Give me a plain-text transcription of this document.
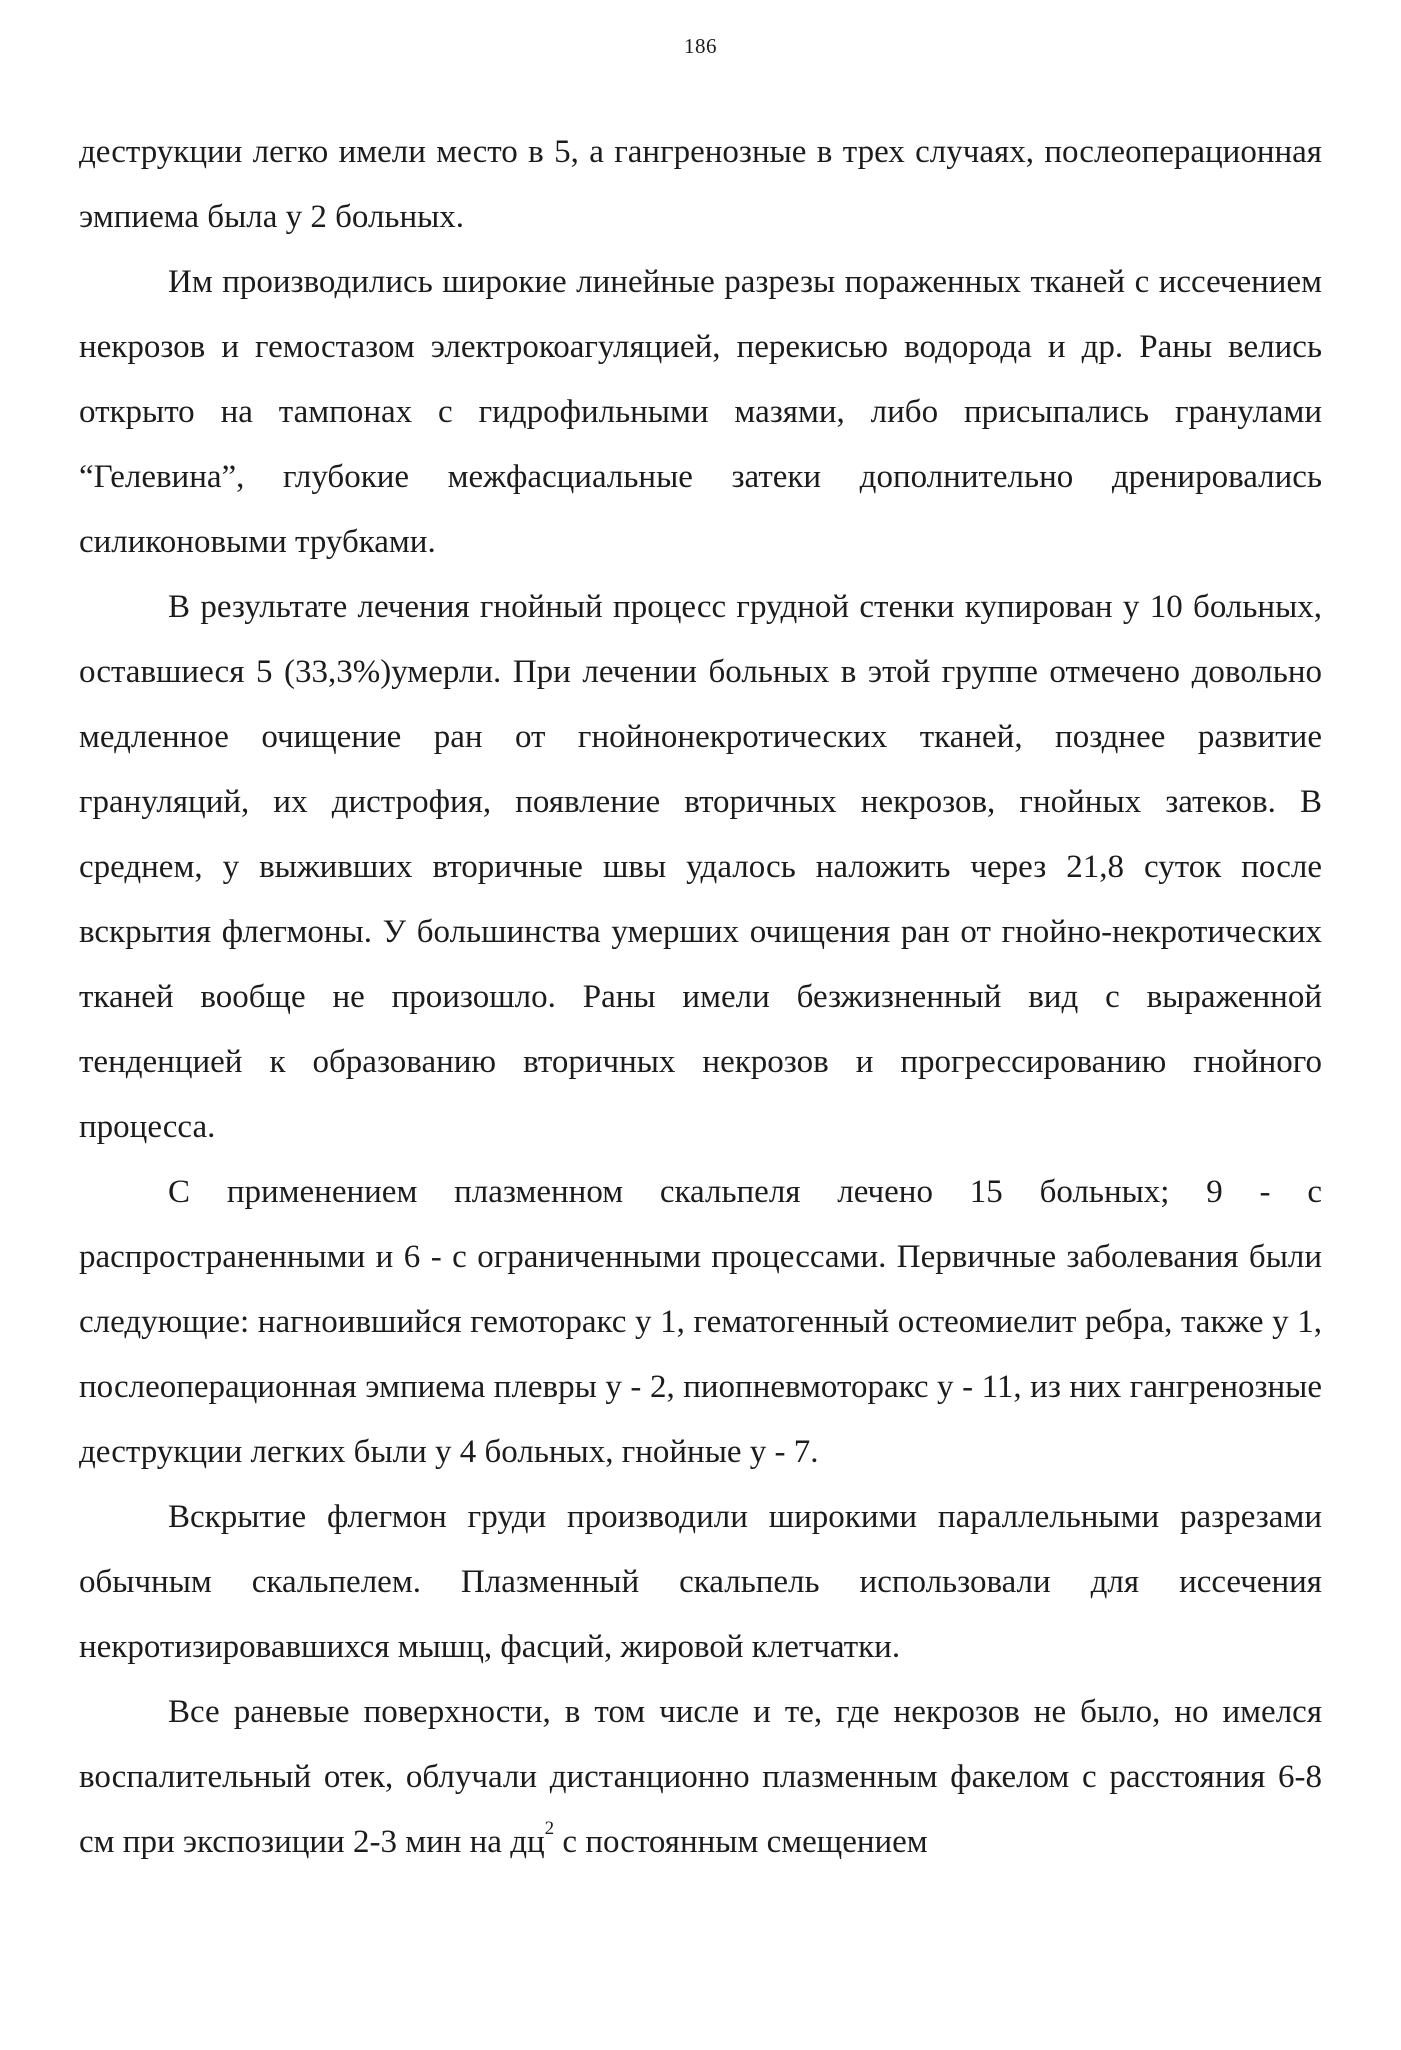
186

деструкции легко имели место в 5, а гангренозные в трех случаях, послеоперационная эмпиема была у 2 больных.

Им производились широкие линейные разрезы пораженных тканей с иссечением некрозов и гемостазом электрокоагуляцией, перекисью водорода и др. Раны велись открыто на тампонах с гидрофильными мазями, либо присыпались гранулами “Гелевина”, глубокие межфасциальные затеки дополнительно дренировались силиконовыми трубками.

В результате лечения гнойный процесс грудной стенки купирован у 10 больных, оставшиеся 5 (33,3%)умерли. При лечении больных в этой группе отмечено довольно медленное очищение ран от гнойнонекротических тканей, позднее развитие грануляций, их дистрофия, появление вторичных некрозов, гнойных затеков. В среднем, у выживших вторичные швы удалось наложить через 21,8 суток после вскрытия флегмоны. У большинства умерших очищения ран от гнойно-некротических тканей вообще не произошло. Раны имели безжизненный вид с выраженной тенденцией к образованию вторичных некрозов и прогрессированию гнойного процесса.

С применением плазменном скальпеля лечено 15 больных; 9 - с распространенными и 6 - с ограниченными процессами. Первичные заболевания были следующие: нагноившийся гемоторакс у 1, гематогенный остеомиелит ребра, также у 1, послеоперационная эмпиема плевры у - 2, пиопневмоторакс у - 11, из них гангренозные деструкции легких были у 4 больных, гнойные у - 7.

Вскрытие флегмон груди производили широкими параллельными разрезами обычным скальпелем. Плазменный скальпель использовали для иссечения некротизировавшихся мышц, фасций, жировой клетчатки.

Все раневые поверхности, в том числе и те, где некрозов не было, но имелся воспалительный отек, облучали дистанционно плазменным факелом с расстояния 6-8 см при экспозиции 2-3 мин на $дц^2$ с постоянным смещением
